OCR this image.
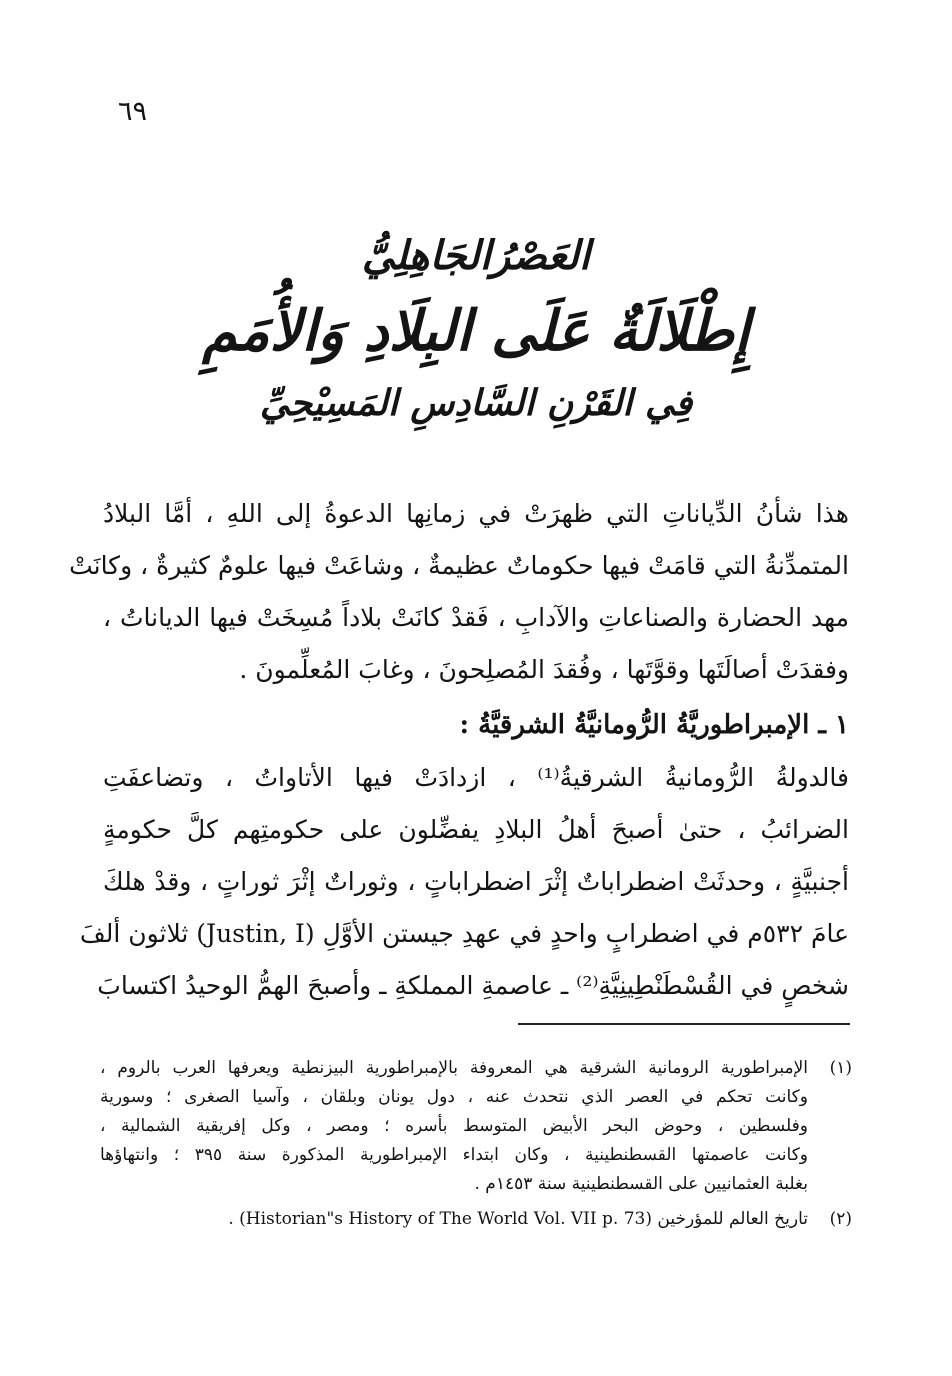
٦٩
العَصْرُالجَاهِلِيُّ
إِطْلَالَةٌ عَلَى البِلَادِ وَالأُمَمِ
فِي القَرْنِ السَّادِسِ المَسِيْحِيِّ
هذا شأنُ الدِّياناتِ التي ظهرَتْ في زمانِها الدعوةُ إلى اللهِ ، أمَّا البلادُ
المتمدِّنةُ التي قامَتْ فيها حكوماتٌ عظيمةٌ ، وشاعَتْ فيها علومٌ كثيرةٌ ، وكانَتْ
مهد الحضارة والصناعاتِ والآدابِ ، فَقدْ كانَتْ بلاداً مُسِخَتْ فيها الدياناتُ ،
وفقدَتْ أصالَتَها وقوَّتَها ، وفُقدَ المُصلِحونَ ، وغابَ المُعلِّمونَ .
١ ـ الإمبراطوريَّةُ الرُّومانيَّةُ الشرقيَّةُ :
فالدولةُ الرُّومانيةُ الشرقيةُ⁽¹⁾ ، ازدادَتْ فيها الأتاواتُ ، وتضاعفَتِ
الضرائبُ ، حتىٰ أصبحَ أهلُ البلادِ يفضِّلون على حكومتِهم كلَّ حكومةٍ
أجنبيَّةٍ ، وحدثَتْ اضطراباتٌ إثْرَ اضطراباتٍ ، وثوراتٌ إثْرَ ثوراتٍ ، وقدْ هلكَ
عامَ ٥٣٢م في اضطرابٍ واحدٍ في عهدِ جيستن الأوَّلِ (Justin, I) ثلاثون ألفَ
شخصٍ في القُسْطَنْطِينِيَّةِ⁽²⁾ ـ عاصمةِ المملكةِ ـ وأصبحَ الهمُّ الوحيدُ اكتسابَ
(١)
الإمبراطورية الرومانية الشرقية هي المعروفة بالإمبراطورية البيزنطية ويعرفها العرب بالروم ،
وكانت تحكم في العصر الذي نتحدث عنه ، دول يونان وبلقان ، وآسيا الصغرى ؛ وسورية
وفلسطين ، وحوض البحر الأبيض المتوسط بأسره ؛ ومصر ، وكل إفريقية الشمالية ،
وكانت عاصمتها القسطنطينية ، وكان ابتداء الإمبراطورية المذكورة سنة ٣٩٥ ؛ وانتهاؤها
بغلبة العثمانيين على القسطنطينية سنة ١٤٥٣م .
(٢)
تاريخ العالم للمؤرخين (Historian"s History of The World Vol. VII p. 73) .
